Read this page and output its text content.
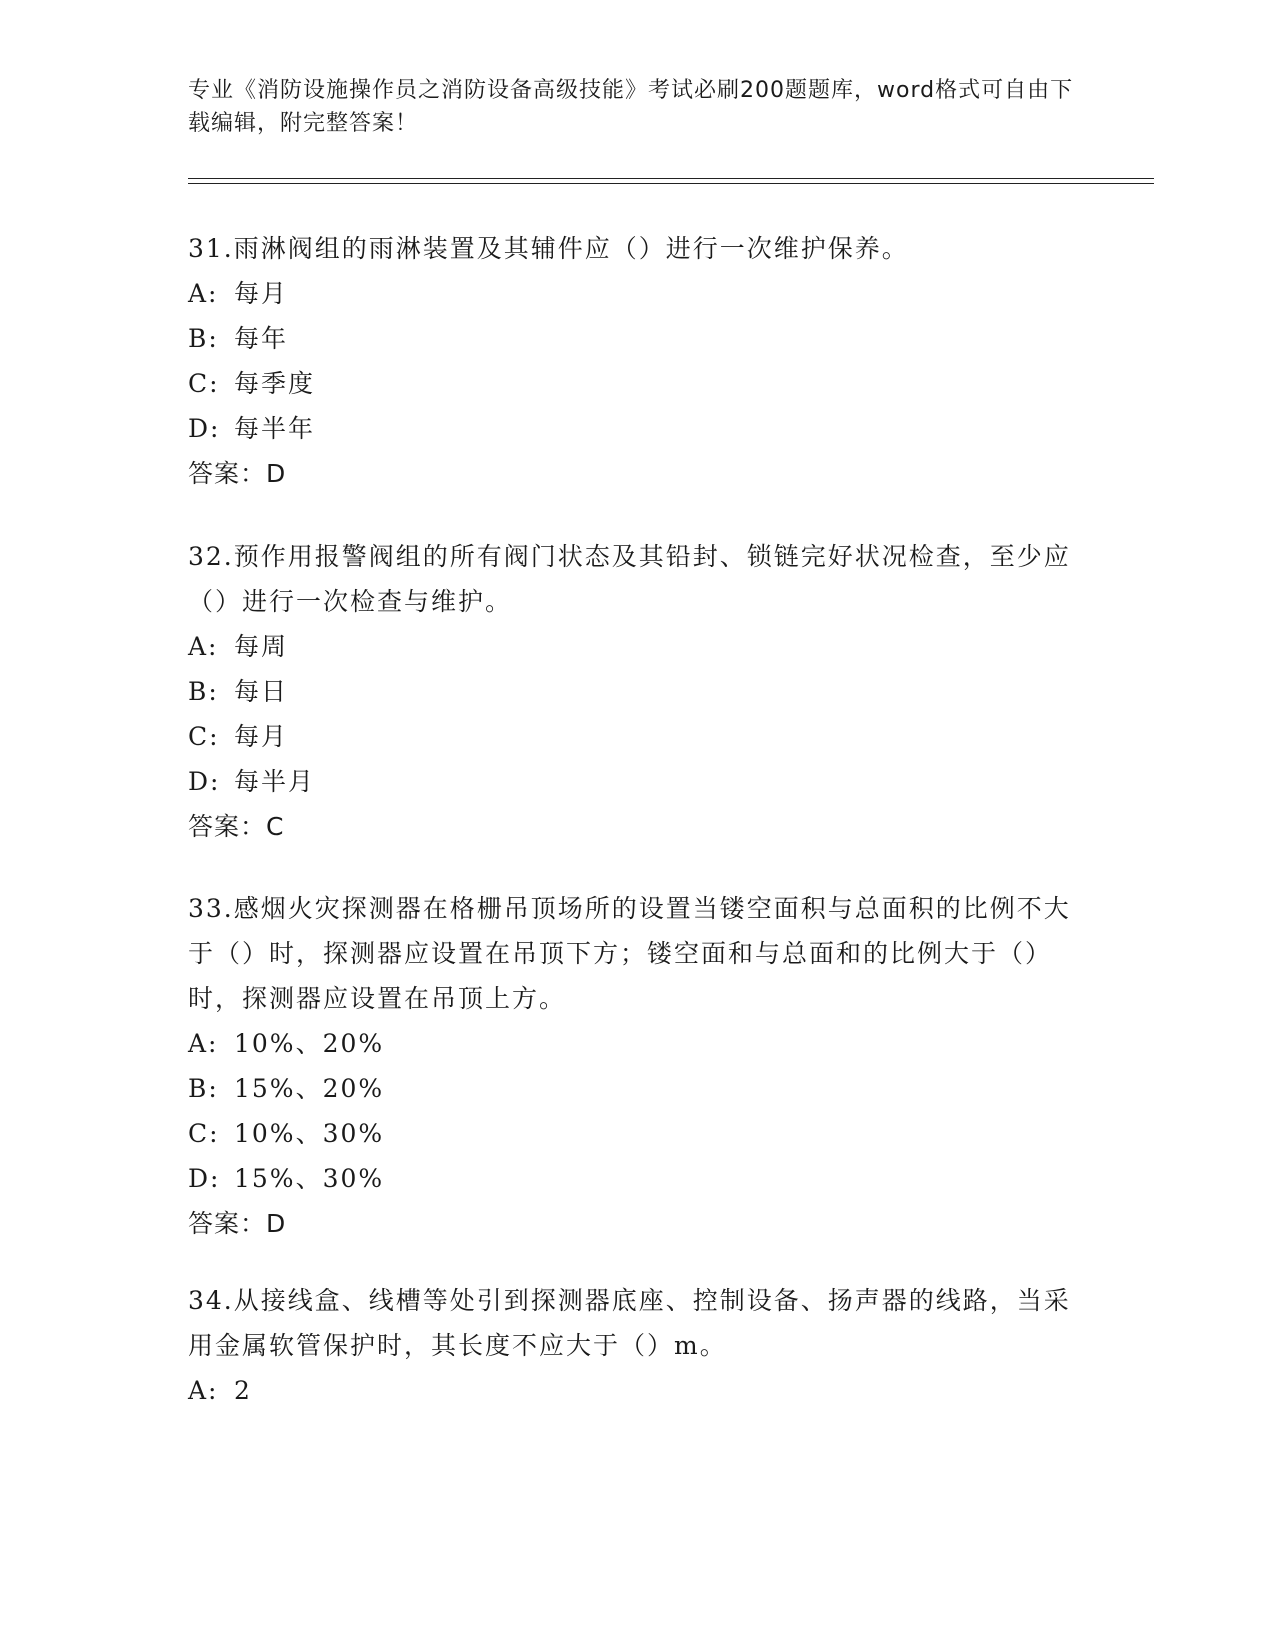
专业《消防设施操作员之消防设备高级技能》考试必刷200题题库，word格式可自由下载编辑，附完整答案！

31.雨淋阀组的雨淋装置及其辅件应（）进行一次维护保养。

A: 每月

B: 每年

C: 每季度

D: 每半年

答案：D

32.预作用报警阀组的所有阀门状态及其铅封、锁链完好状况检查，至少应（）进行一次检查与维护。

A: 每周

B: 每日

C: 每月

D: 每半月

答案：C

33.感烟火灾探测器在格栅吊顶场所的设置当镂空面积与总面积的比例不大于（）时，探测器应设置在吊顶下方；镂空面和与总面和的比例大于（）时，探测器应设置在吊顶上方。

A: 10%、20%

B: 15%、20%

C: 10%、30%

D: 15%、30%

答案：D

34.从接线盒、线槽等处引到探测器底座、控制设备、扬声器的线路，当采用金属软管保护时，其长度不应大于（）m。

A: 2
